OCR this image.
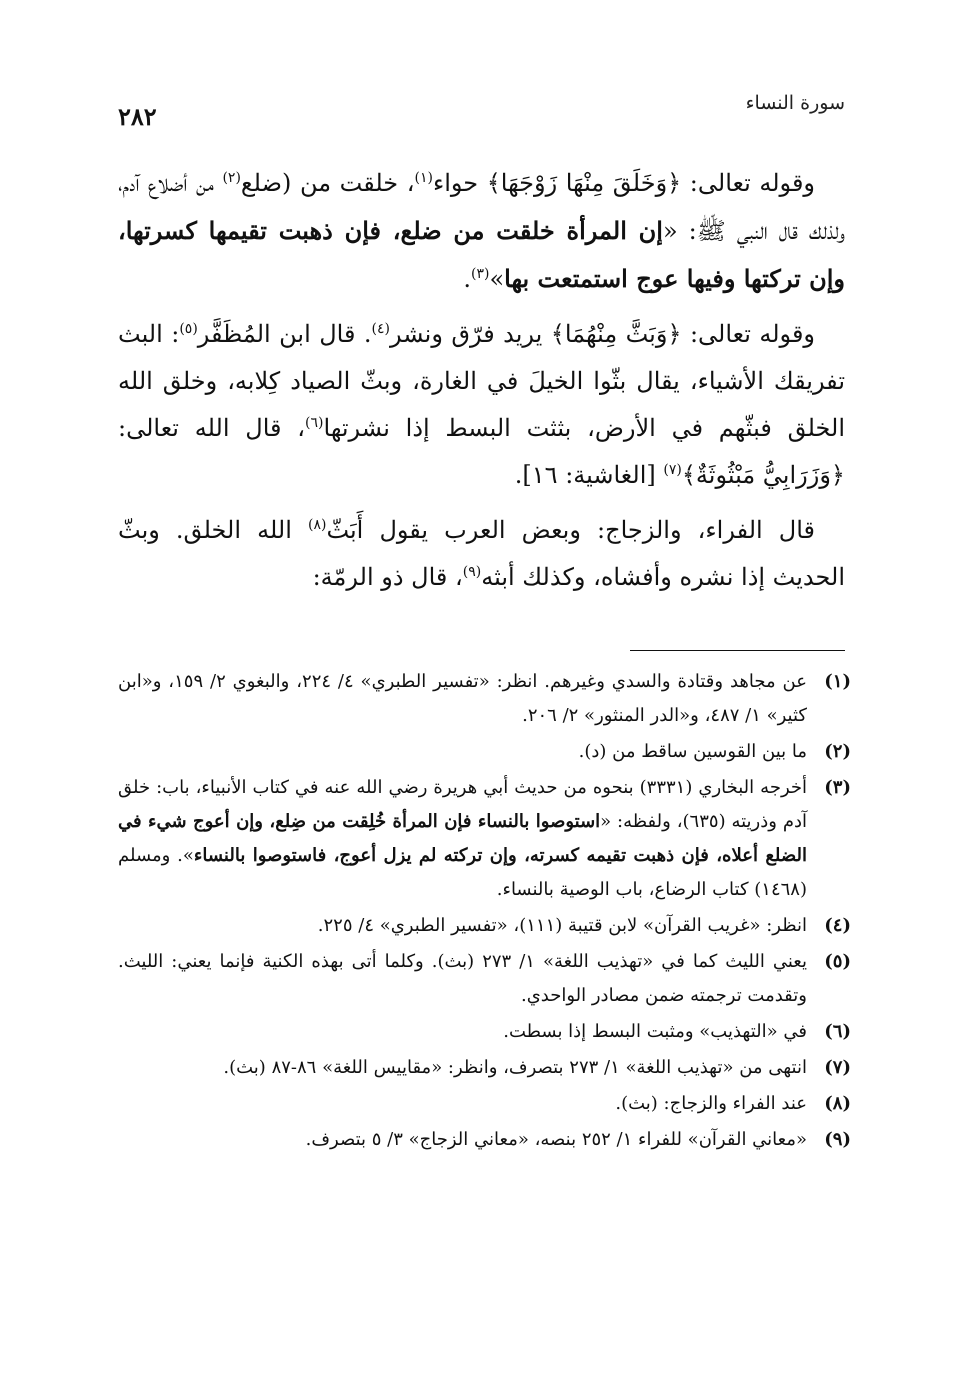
سورة النساء
٢٨٢

وقوله تعالى: ﴿وَخَلَقَ مِنْهَا زَوْجَهَا﴾ حواء$^{(١)}$، خلقت من (ضلع$^{(٢)}$ من أضلاع آدم، ولذلك قال النبي ﷺ: «إن المرأة خلقت من ضلع، فإن ذهبت تقيمها كسرتها، وإن تركتها وفيها عوج استمتعت بها»$^{(٣)}$.

وقوله تعالى: ﴿وَبَثَّ مِنْهُمَا﴾ يريد فرّق ونشر$^{(٤)}$. قال ابن المُظَفَّر$^{(٥)}$: البث تفريقك الأشياء، يقال بثّوا الخيلَ في الغارة، وبثّ الصياد كِلابه، وخلق الله الخلق فبثّهم في الأرض، بثثت البسط إذا نشرتها$^{(٦)}$، قال الله تعالى: ﴿وَزَرَابِيُّ مَبْثُوثَةٌ﴾$^{(٧)}$ [الغاشية: ١٦].

قال الفراء، والزجاج: وبعض العرب يقول أَبَثّ$^{(٨)}$ الله الخلق. وبثّ الحديث إذا نشره وأفشاه، وكذلك أبثه$^{(٩)}$، قال ذو الرمّة:

(١)
عن مجاهد وقتادة والسدي وغيرهم. انظر: «تفسير الطبري» ٤/ ٢٢٤، والبغوي ٢/ ١٥٩، و«ابن كثير» ١/ ٤٨٧، و«الدر المنثور» ٢/ ٢٠٦.
(٢)
ما بين القوسين ساقط من (د).
(٣)
أخرجه البخاري (٣٣٣١) بنحوه من حديث أبي هريرة رضي الله عنه في كتاب الأنبياء، باب: خلق آدم وذريته (٦٣٥)، ولفظه: «استوصوا بالنساء فإن المرأة خُلِقت من ضِلع، وإن أعوج شيء في الضلع أعلاه، فإن ذهبت تقيمه كسرته، وإن تركته لم يزل أعوج، فاستوصوا بالنساء». ومسلم (١٤٦٨) كتاب الرضاع، باب الوصية بالنساء.
(٤)
انظر: «غريب القرآن» لابن قتيبة (١١١)، «تفسير الطبري» ٤/ ٢٢٥.
(٥)
يعني الليث كما في «تهذيب اللغة» ١/ ٢٧٣ (بث). وكلما أتى بهذه الكنية فإنما يعني: الليث. وتقدمت ترجمته ضمن مصادر الواحدي.
(٦)
في «التهذيب» ومثبت البسط إذا بسطت.
(٧)
انتهى من «تهذيب اللغة» ١/ ٢٧٣ بتصرف، وانظر: «مقاييس اللغة» ٨٦-٨٧ (بث).
(٨)
عند الفراء والزجاج: (بث).
(٩)
«معاني القرآن» للفراء ١/ ٢٥٢ بنصه، «معاني الزجاج» ٣/ ٥ بتصرف.
